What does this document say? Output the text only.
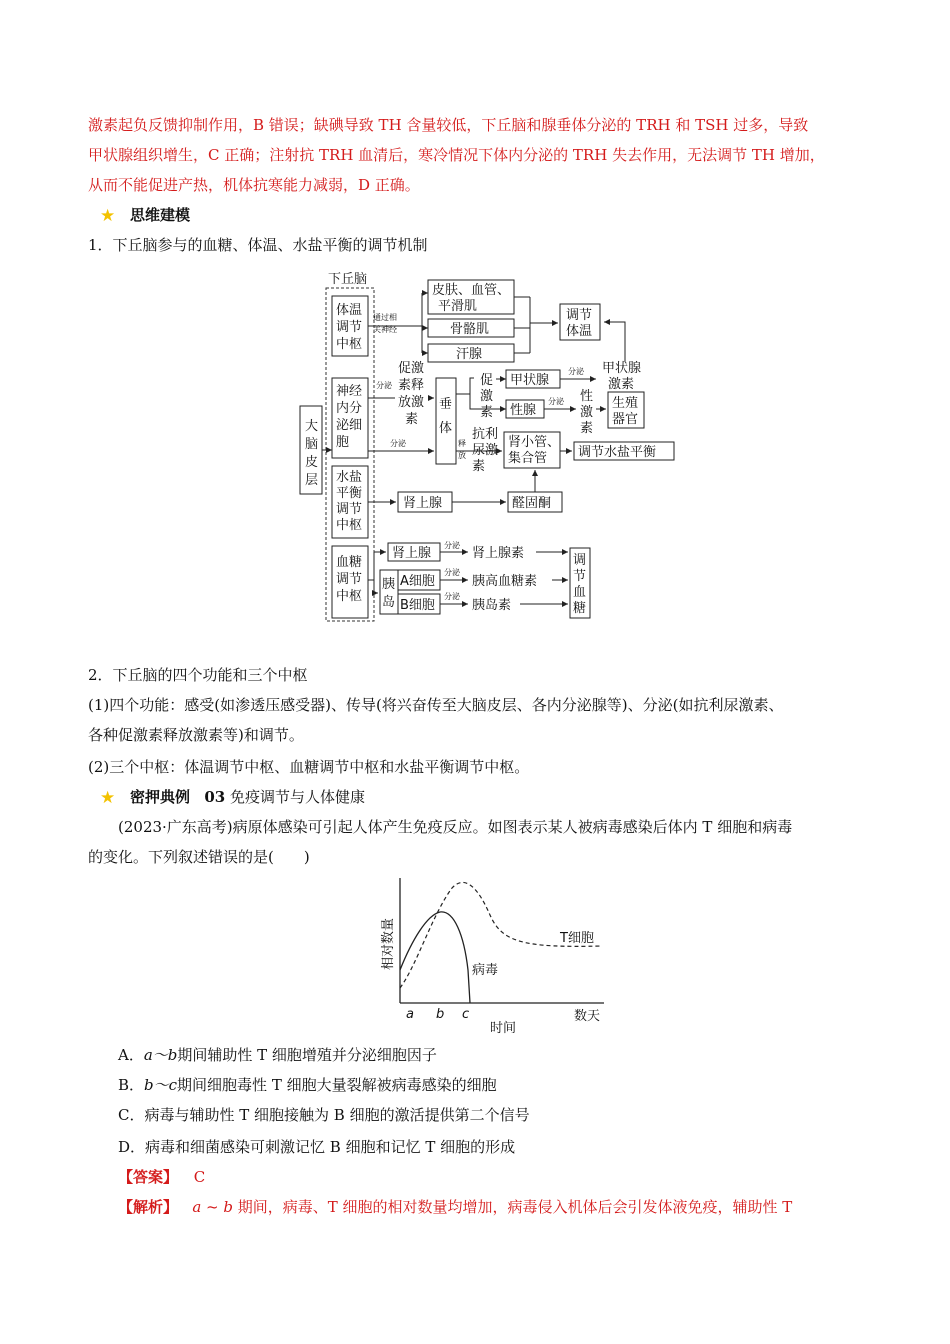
激素起负反馈抑制作用，B 错误；缺碘导致 TH 含量较低，下丘脑和腺垂体分泌的 TRH 和 TSH 过多，导致
甲状腺组织增生，C 正确；注射抗 TRH 血清后，寒冷情况下体内分泌的 TRH 失去作用，无法调节 TH 增加，
从而不能促进产热，机体抗寒能力减弱，D 正确。
★ 思维建模
1．下丘脑参与的血糖、体温、水盐平衡的调节机制
下丘脑
大
脑
皮
层
体温
调节
中枢
通过相
关神经
皮肤、血管、
平滑肌
骨骼肌
汗腺
调节
体温
神经
内分
泌细
胞
分泌
促激
素释
放激
素
分泌
垂
体
释
放
促
激
素
甲状腺
性腺
分泌 甲状腺
激素
分泌 性
激
素
生殖
器官
抗利
尿激
素
肾小管、
集合管 调节水盐平衡
水盐
平衡
调节
中枢
肾上腺	醛固酮
血糖
调节
中枢
肾上腺
胰
岛
A细胞
B细胞
分泌
肾上腺素
分泌
胰高血糖素
分泌
胰岛素
调
节
血
糖
2．下丘脑的四个功能和三个中枢
(1)四个功能：感受(如渗透压感受器)、传导(将兴奋传至大脑皮层、各内分泌腺等)、分泌(如抗利尿激素、
各种促激素释放激素等)和调节。
(2)三个中枢：体温调节中枢、血糖调节中枢和水盐平衡调节中枢。
★ 密押典例 03 免疫调节与人体健康
(2023·广东高考)病原体感染可引起人体产生免疫反应。如图表示某人被病毒感染后体内 T 细胞和病毒
的变化。下列叙述错误的是(　　)
相对数量	T细胞
病毒
a b c
时间
数天
A．a～b期间辅助性 T 细胞增殖并分泌细胞因子
B．b～c期间细胞毒性 T 细胞大量裂解被病毒感染的细胞
C．病毒与辅助性 T 细胞接触为 B 细胞的激活提供第二个信号
D．病毒和细菌感染可刺激记忆 B 细胞和记忆 T 细胞的形成
【答案】 C
【解析】 a ~ b 期间，病毒、T 细胞的相对数量均增加，病毒侵入机体后会引发体液免疫，辅助性 T
